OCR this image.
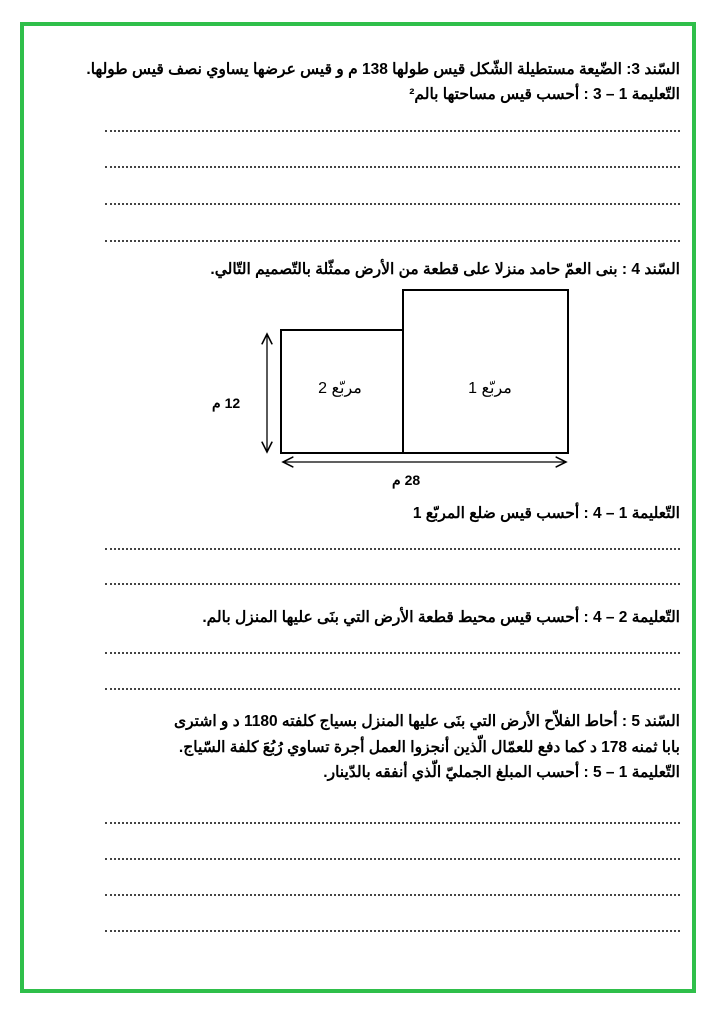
السّند 3: الضّيعة مستطيلة الشّكل قيس طولها 138 م و قيس عرضها يساوي نصف قيس طولها.
التّعليمة 1 – 3 : أحسب قيس مساحتها بالم²
السّند 4 : بنى العمّ حامد منزلا على قطعة من الأرض ممثّلة بالتّصميم التّالي.
مربّع 2	مربّع 1
12 م
28 م
التّعليمة 1 – 4 : أحسب قيس ضلع المربّع 1
التّعليمة 2 – 4 : أحسب قيس محيط قطعة الأرض التي بنَى عليها المنزل بالم.
السّند 5 : أحاط الفلاّح الأرض التي بنَى عليها المنزل بسياج كلفته 1180 د و اشترى
بابا ثمنه 178 د كما دفع للعمّال الّذين أنجزوا العمل أجرة تساوي رُبُعَ كلفة السّياج.
التّعليمة 1 – 5 : أحسب المبلغ الجمليّ الّذي أنفقه بالدّينار.
